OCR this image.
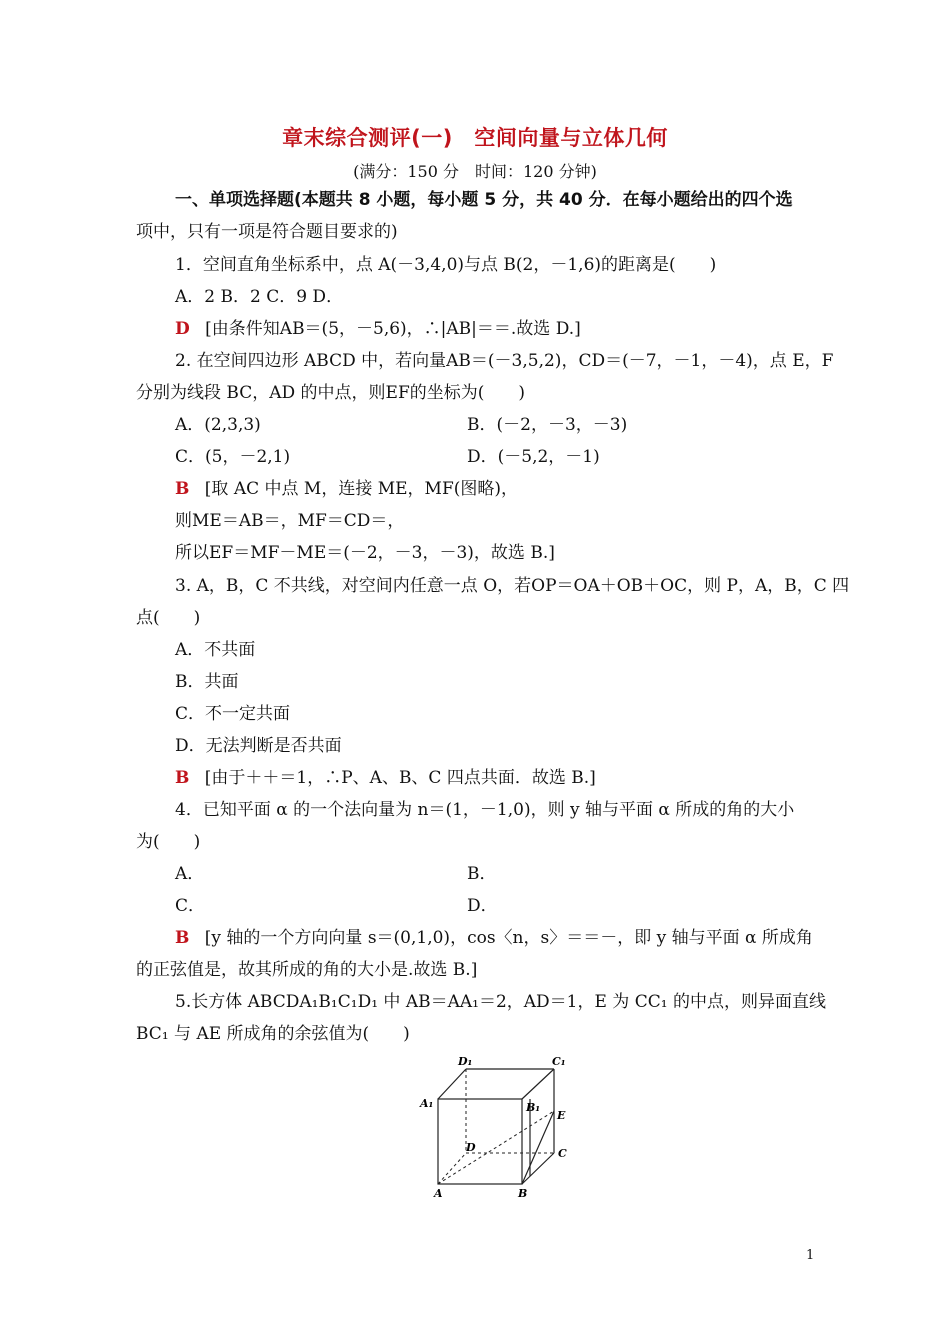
章末综合测评(一)　空间向量与立体几何
(满分：150 分　时间：120 分钟)
一、单项选择题(本题共 8 小题，每小题 5 分，共 40 分．在每小题给出的四个选
项中，只有一项是符合题目要求的)
1．空间直角坐标系中，点 A(－3,4,0)与点 B(2，－1,6)的距离是(　　)
A．2 B．2 C．9 D．
D [由条件知AB＝(5，－5,6)，∴|AB|＝＝.故选 D.]
2. 在空间四边形 ABCD 中，若向量AB＝(－3,5,2)，CD＝(－7，－1，－4)，点 E，F
分别为线段 BC，AD 的中点，则EF的坐标为(　　)
A．(2,3,3)	B．(－2，－3，－3)
C．(5，－2,1)	D．(－5,2，－1)
B [取 AC 中点 M，连接 ME，MF(图略)，
则ME＝AB＝，MF＝CD＝，
所以EF＝MF－ME＝(－2，－3，－3)，故选 B.]
3. A，B，C 不共线，对空间内任意一点 O，若OP＝OA＋OB＋OC，则 P，A，B，C 四
点(　　)
A．不共面
B．共面
C．不一定共面
D．无法判断是否共面
B [由于＋＋＝1，∴P、A、B、C 四点共面．故选 B.]
4．已知平面 α 的一个法向量为 n＝(1，－1,0)，则 y 轴与平面 α 所成的角的大小
为(　　)
A．	B．
C．	D．
B [y 轴的一个方向向量 s＝(0,1,0)，cos〈n，s〉＝＝－，即 y 轴与平面 α 所成角
的正弦值是，故其所成的角的大小是.故选 B.]
5.长方体 ABCDA₁B₁C₁D₁ 中 AB＝AA₁＝2，AD＝1，E 为 CC₁ 的中点，则异面直线
BC₁ 与 AE 所成角的余弦值为(　　)
D₁	C₁
A₁	B₁
E
D	C
A	B
1
